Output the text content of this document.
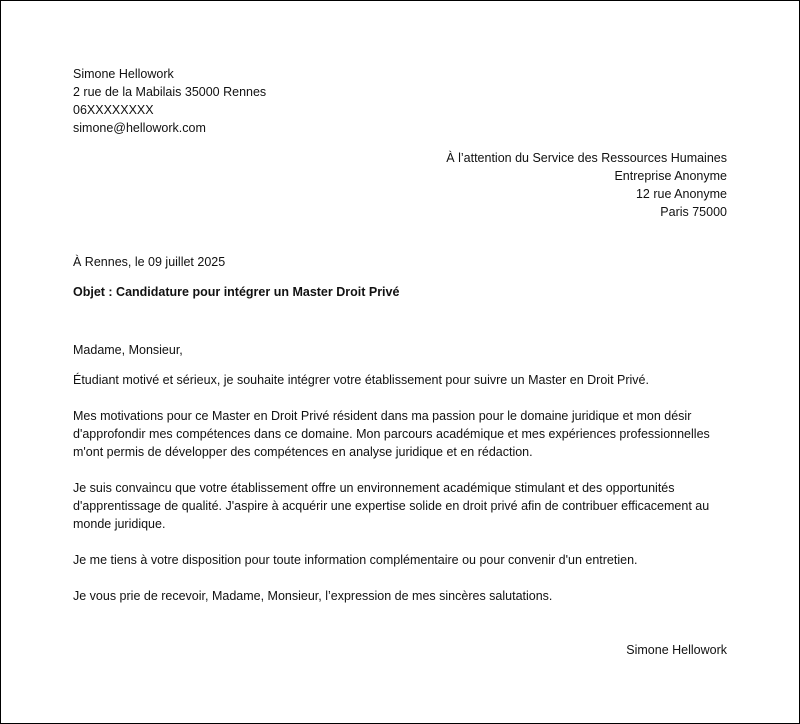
Simone Hellowork
2 rue de la Mabilais 35000 Rennes
06XXXXXXXX
simone@hellowork.com
À l’attention du Service des Ressources Humaines
Entreprise Anonyme
12 rue Anonyme
Paris 75000
À Rennes, le 09 juillet 2025
Objet : Candidature pour intégrer un Master Droit Privé

Madame, Monsieur,

Étudiant motivé et sérieux, je souhaite intégrer votre établissement pour suivre un Master en Droit Privé.

Mes motivations pour ce Master en Droit Privé résident dans ma passion pour le domaine juridique et mon désir d'approfondir mes compétences dans ce domaine. Mon parcours académique et mes expériences professionnelles m'ont permis de développer des compétences en analyse juridique et en rédaction.

Je suis convaincu que votre établissement offre un environnement académique stimulant et des opportunités d'apprentissage de qualité. J'aspire à acquérir une expertise solide en droit privé afin de contribuer efficacement au monde juridique.

Je me tiens à votre disposition pour toute information complémentaire ou pour convenir d'un entretien.

Je vous prie de recevoir, Madame, Monsieur, l’expression de mes sincères salutations.

Simone Hellowork
